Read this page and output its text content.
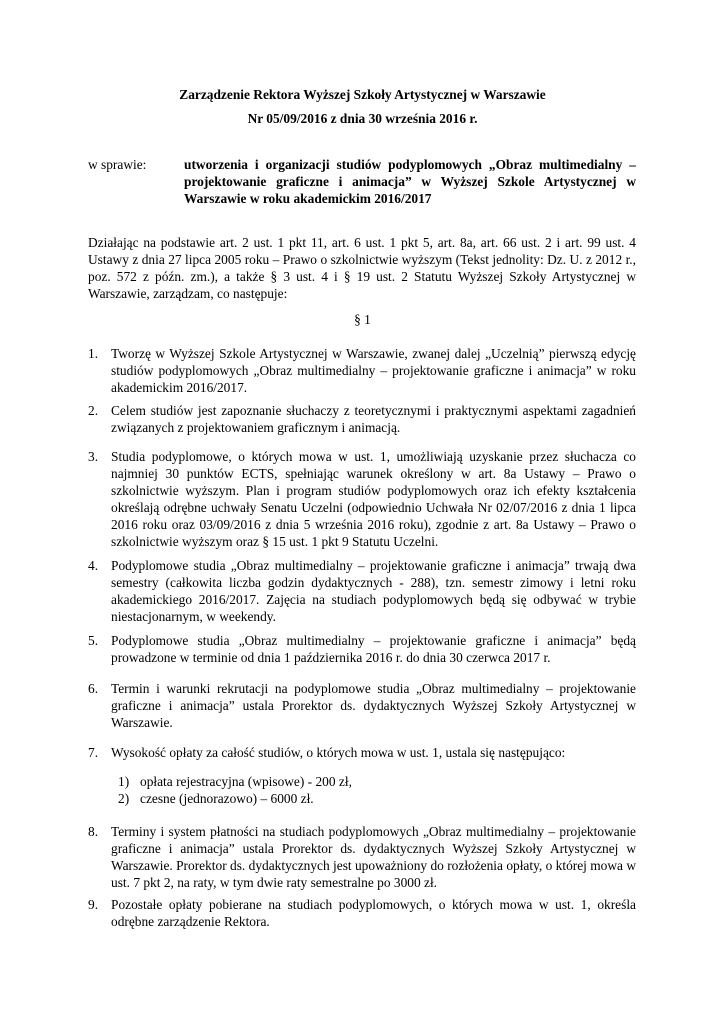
Zarządzenie Rektora Wyższej Szkoły Artystycznej w Warszawie
Nr 05/09/2016 z dnia 30 września 2016 r.
w sprawie:	utworzenia i organizacji studiów podyplomowych „Obraz multimedialny – projektowanie graficzne i animacja” w Wyższej Szkole Artystycznej w Warszawie w roku akademickim 2016/2017
Działając na podstawie art. 2 ust. 1 pkt 11, art. 6 ust. 1 pkt 5, art. 8a, art. 66 ust. 2 i art. 99 ust. 4 Ustawy z dnia 27 lipca 2005 roku – Prawo o szkolnictwie wyższym (Tekst jednolity: Dz. U. z 2012 r., poz. 572 z późn. zm.), a także § 3 ust. 4 i § 19 ust. 2 Statutu Wyższej Szkoły Artystycznej w Warszawie, zarządzam, co następuje:
§ 1
1. Tworzę w Wyższej Szkole Artystycznej w Warszawie, zwanej dalej „Uczelnią” pierwszą edycję studiów podyplomowych „Obraz multimedialny – projektowanie graficzne i animacja” w roku akademickim 2016/2017.
2. Celem studiów jest zapoznanie słuchaczy z teoretycznymi i praktycznymi aspektami zagadnień związanych z projektowaniem graficznym i animacją.
3. Studia podyplomowe, o których mowa w ust. 1, umożliwiają uzyskanie przez słuchacza co najmniej 30 punktów ECTS, spełniając warunek określony w art. 8a Ustawy – Prawo o szkolnictwie wyższym. Plan i program studiów podyplomowych oraz ich efekty kształcenia określają odrębne uchwały Senatu Uczelni (odpowiednio Uchwała Nr 02/07/2016 z dnia 1 lipca 2016 roku oraz 03/09/2016 z dnia 5 września 2016 roku), zgodnie z art. 8a Ustawy – Prawo o szkolnictwie wyższym oraz § 15 ust. 1 pkt 9 Statutu Uczelni.
4. Podyplomowe studia „Obraz multimedialny – projektowanie graficzne i animacja” trwają dwa semestry (całkowita liczba godzin dydaktycznych - 288), tzn. semestr zimowy i letni roku akademickiego 2016/2017. Zajęcia na studiach podyplomowych będą się odbywać w trybie niestacjonarnym, w weekendy.
5. Podyplomowe studia „Obraz multimedialny – projektowanie graficzne i animacja” będą prowadzone w terminie od dnia 1 października 2016 r. do dnia 30 czerwca 2017 r.
6. Termin i warunki rekrutacji na podyplomowe studia „Obraz multimedialny – projektowanie graficzne i animacja” ustala Prorektor ds. dydaktycznych Wyższej Szkoły Artystycznej w Warszawie.
7. Wysokość opłaty za całość studiów, o których mowa w ust. 1, ustala się następująco:
1) opłata rejestracyjna (wpisowe) - 200 zł,
2) czesne (jednorazowo) – 6000 zł.
8. Terminy i system płatności na studiach podyplomowych „Obraz multimedialny – projektowanie graficzne i animacja” ustala Prorektor ds. dydaktycznych Wyższej Szkoły Artystycznej w Warszawie. Prorektor ds. dydaktycznych jest upoważniony do rozłożenia opłaty, o której mowa w ust. 7 pkt 2, na raty, w tym dwie raty semestralne po 3000 zł.
9. Pozostałe opłaty pobierane na studiach podyplomowych, o których mowa w ust. 1, określa odrębne zarządzenie Rektora.
